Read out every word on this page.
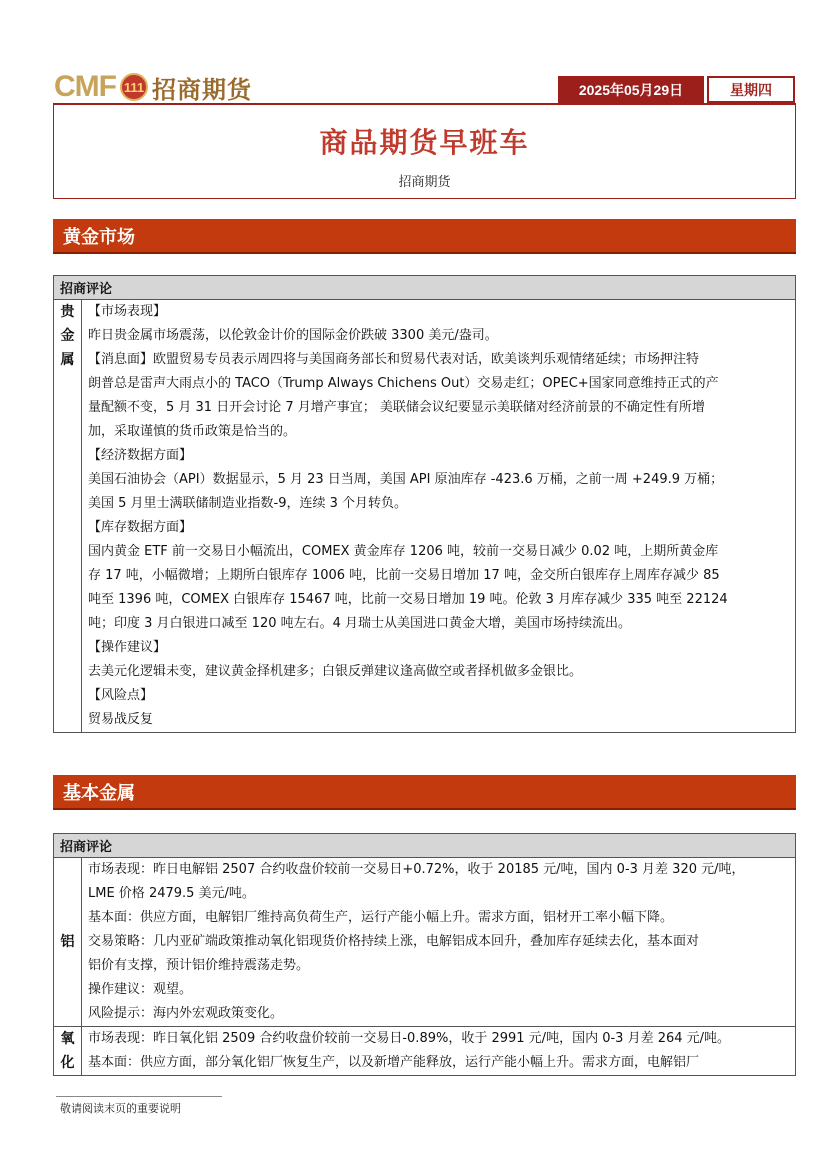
CMF 111 招商期货	2025年05月29日	星期四
商品期货早班车
招商期货
黄金市场
招商评论
贵
金
属

【市场表现】

昨日贵金属市场震荡，以伦敦金计价的国际金价跌破 3300 美元/盎司。

【消息面】欧盟贸易专员表示周四将与美国商务部长和贸易代表对话，欧美谈判乐观情绪延续；市场押注特

朗普总是雷声大雨点小的 TACO（Trump Always Chichens Out）交易走红；OPEC+国家同意维持正式的产

量配额不变，5 月 31 日开会讨论 7 月增产事宜； 美联储会议纪要显示美联储对经济前景的不确定性有所增

加，采取谨慎的货币政策是恰当的。

【经济数据方面】

美国石油协会（API）数据显示，5 月 23 日当周，美国 API 原油库存 -423.6 万桶，之前一周 +249.9 万桶；

美国 5 月里士满联储制造业指数-9，连续 3 个月转负。

【库存数据方面】

国内黄金 ETF 前一交易日小幅流出，COMEX 黄金库存 1206 吨，较前一交易日减少 0.02 吨，上期所黄金库

存 17 吨，小幅微增；上期所白银库存 1006 吨，比前一交易日增加 17 吨，金交所白银库存上周库存减少 85

吨至 1396 吨，COMEX 白银库存 15467 吨，比前一交易日增加 19 吨。伦敦 3 月库存减少 335 吨至 22124

吨；印度 3 月白银进口减至 120 吨左右。4 月瑞士从美国进口黄金大增，美国市场持续流出。

【操作建议】

去美元化逻辑未变，建议黄金择机建多；白银反弹建议逢高做空或者择机做多金银比。

【风险点】

贸易战反复

基本金属
招商评论
铝

市场表现：昨日电解铝 2507 合约收盘价较前一交易日+0.72%，收于 20185 元/吨，国内 0-3 月差 320 元/吨，

LME 价格 2479.5 美元/吨。

基本面：供应方面，电解铝厂维持高负荷生产，运行产能小幅上升。需求方面，铝材开工率小幅下降。

交易策略：几内亚矿端政策推动氧化铝现货价格持续上涨，电解铝成本回升，叠加库存延续去化，基本面对

铝价有支撑，预计铝价维持震荡走势。

操作建议：观望。

风险提示：海内外宏观政策变化。

氧
化

市场表现：昨日氧化铝 2509 合约收盘价较前一交易日-0.89%，收于 2991 元/吨，国内 0-3 月差 264 元/吨。

基本面：供应方面，部分氧化铝厂恢复生产，以及新增产能释放，运行产能小幅上升。需求方面，电解铝厂

敬请阅读末页的重要说明
